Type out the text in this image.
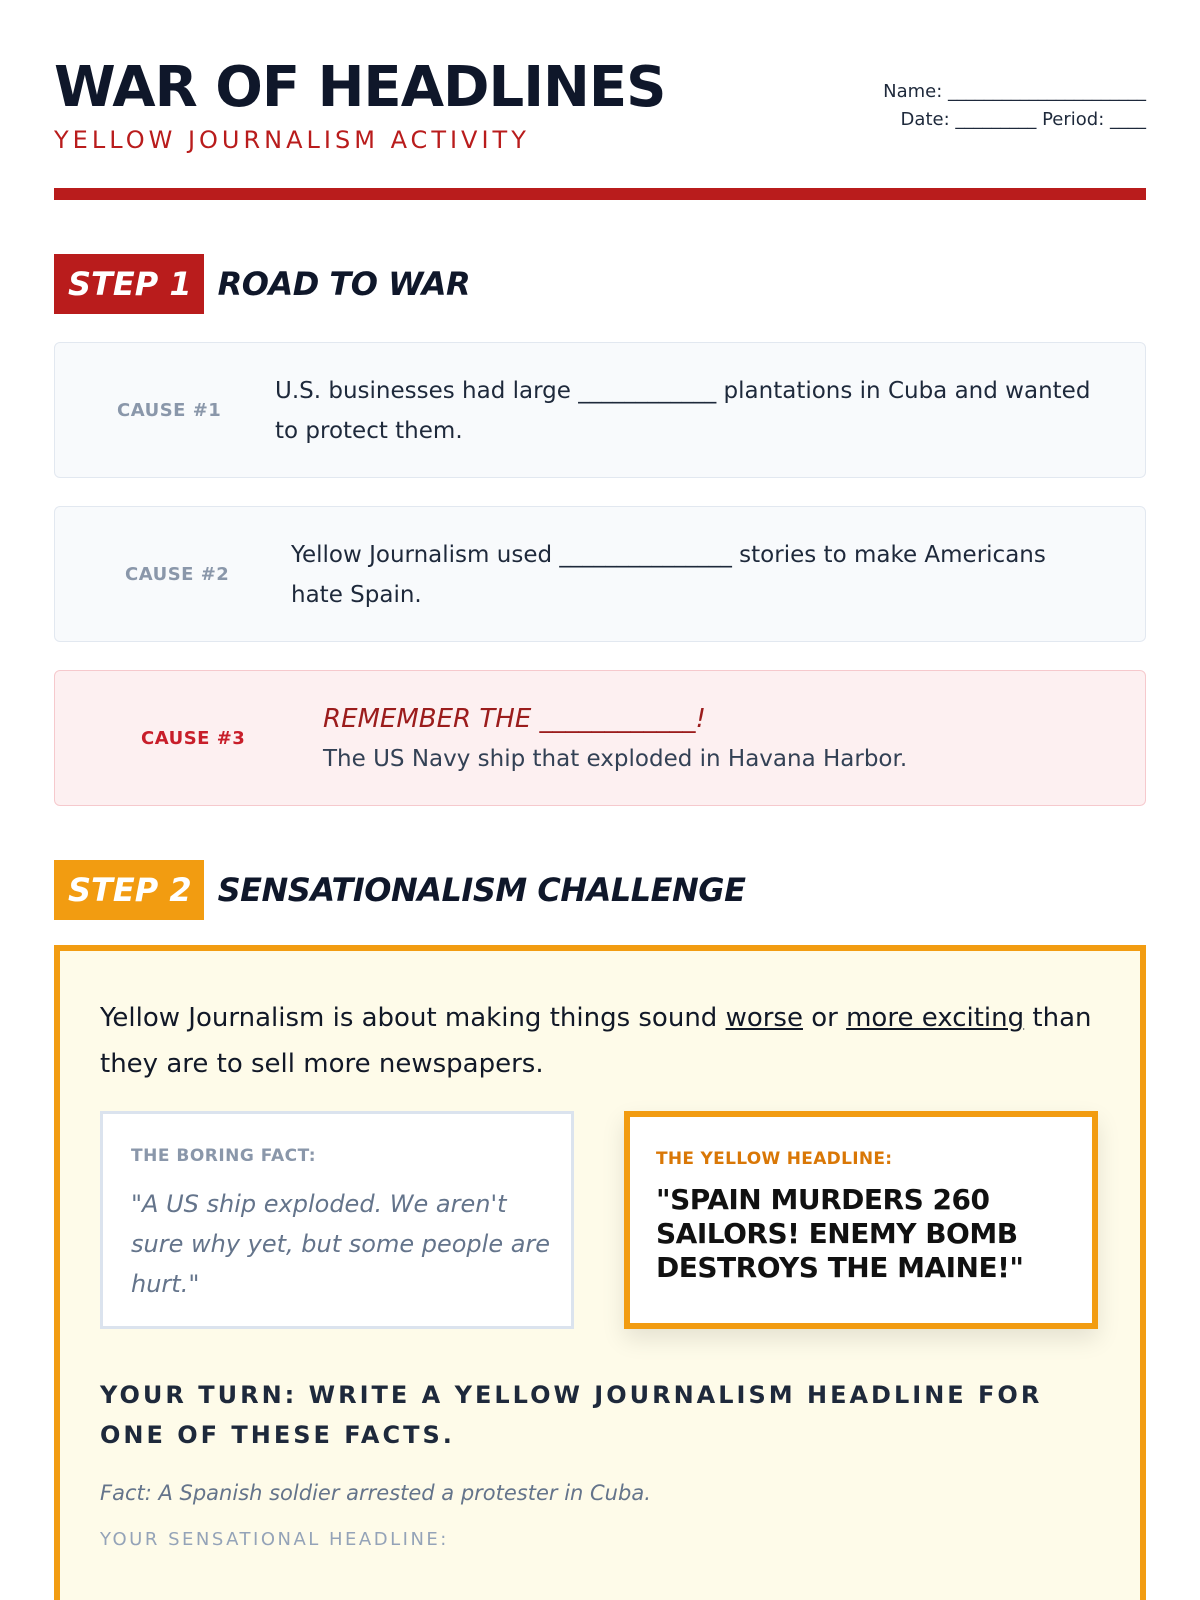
WAR OF HEADLINES
YELLOW JOURNALISM ACTIVITY
Name: ______________________
Date: _________ Period: ____
STEP 1 ROAD TO WAR
CAUSE #1
U.S. businesses had large ____________ plantations in Cuba and wanted to protect them.
CAUSE #2
Yellow Journalism used _______________ stories to make Americans hate Spain.
CAUSE #3
REMEMBER THE ____________!
The US Navy ship that exploded in Havana Harbor.
STEP 2 SENSATIONALISM CHALLENGE
Yellow Journalism is about making things sound worse or more exciting than they are to sell more newspapers.
THE BORING FACT:
"A US ship exploded. We aren't sure why yet, but some people are hurt."
THE YELLOW HEADLINE:
"SPAIN MURDERS 260 SAILORS! ENEMY BOMB DESTROYS THE MAINE!"
YOUR TURN: WRITE A YELLOW JOURNALISM HEADLINE FOR ONE OF THESE FACTS.
Fact: A Spanish soldier arrested a protester in Cuba.
YOUR SENSATIONAL HEADLINE:
